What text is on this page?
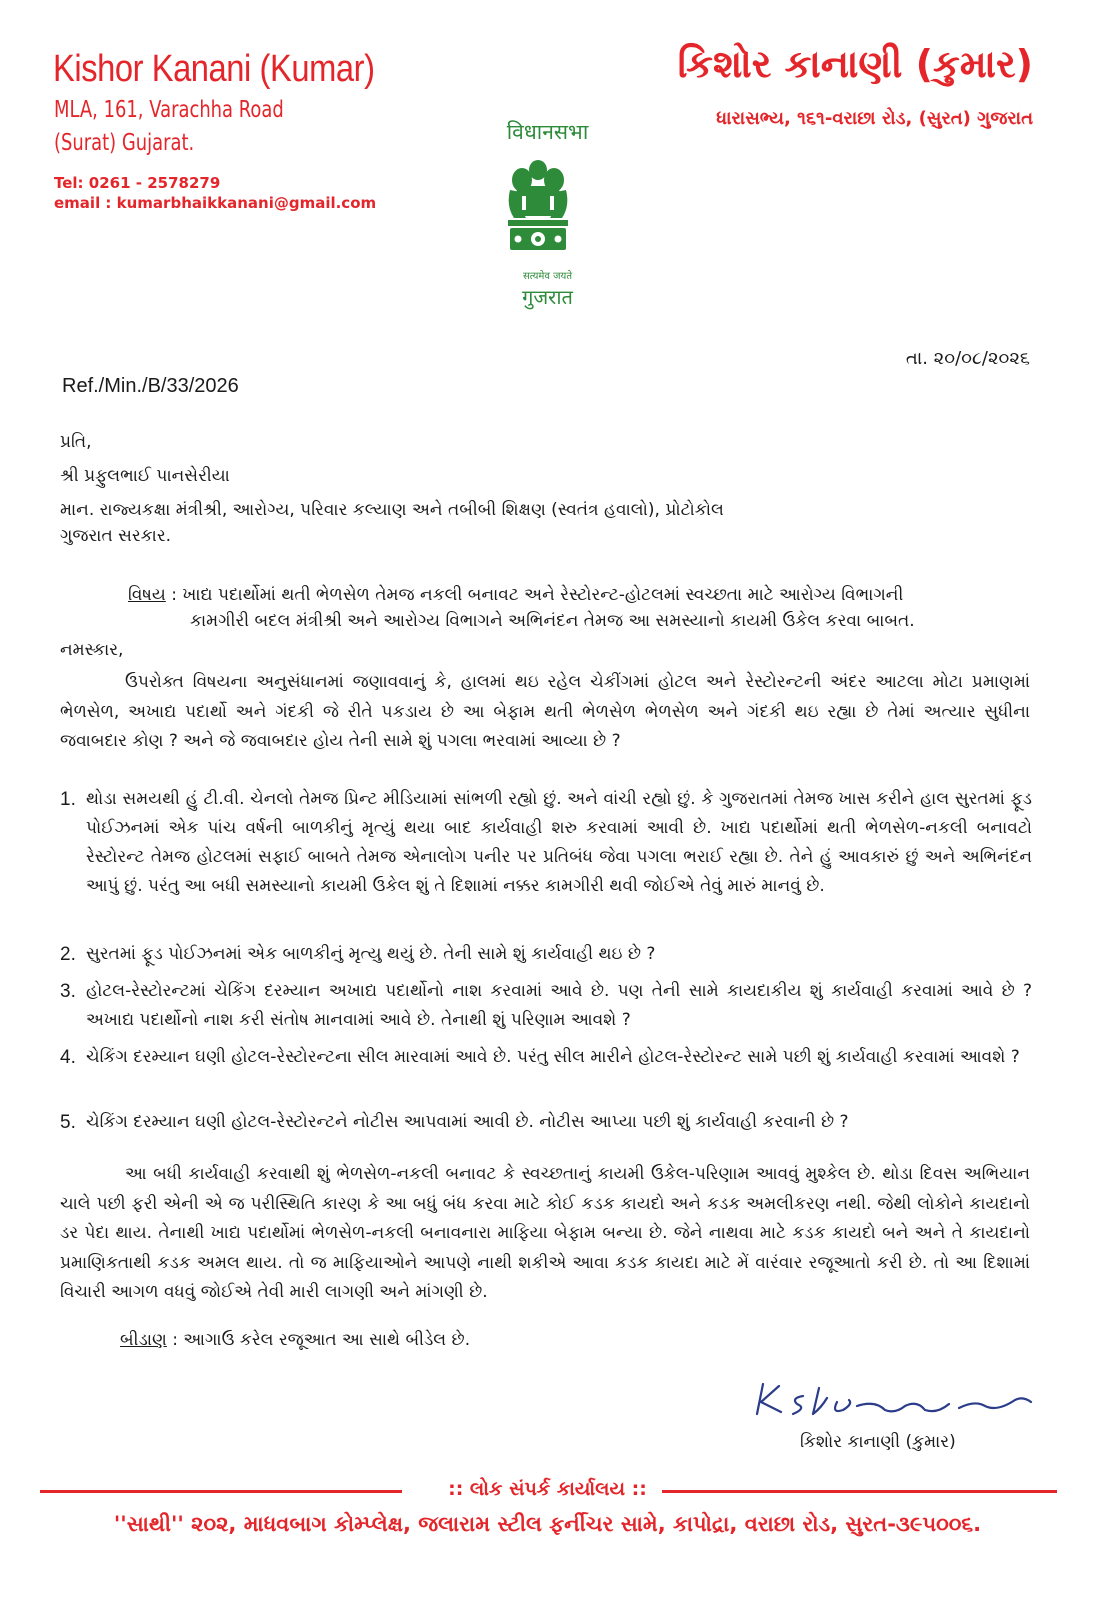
Kishor Kanani (Kumar)
MLA, 161, Varachha Road
(Surat) Gujarat.
Tel: 0261 - 2578279
email : kumarbhaikkanani@gmail.com
કિશોર કાનાણી (કુમાર)
ધારાસભ્ય, ૧૬૧-વરાછા રોડ, (સુરત) ગુજરાત
विधानसभा
सत्यमेव जयते
गुजरात
તા. ૨૦/૦૮/૨૦૨૬
Ref./Min./B/33/2026
પ્રતિ,
શ્રી પ્રફુલભાઈ પાનસેરીયા
માન. રાજ્યકક્ષા મંત્રીશ્રી, આરોગ્ય, પરિવાર કલ્યાણ અને તબીબી શિક્ષણ (સ્વતંત્ર હવાલો), પ્રોટોકોલ
ગુજરાત સરકાર.
વિષય : ખાદ્ય પદાર્થોમાં થતી ભેળસેળ તેમજ નકલી બનાવટ અને રેસ્ટોરન્ટ-હોટલમાં સ્વચ્છતા માટે આરોગ્ય વિભાગની
કામગીરી બદલ મંત્રીશ્રી અને આરોગ્ય વિભાગને અભિનંદન તેમજ આ સમસ્યાનો કાયમી ઉકેલ કરવા બાબત.
નમસ્કાર,
ઉપરોક્ત વિષયના અનુસંધાનમાં જણાવવાનું કે, હાલમાં થઇ રહેલ ચેકીંગમાં હોટલ અને રેસ્ટોરન્ટની અંદર આટલા મોટા પ્રમાણમાં ભેળસેળ, અખાદ્ય પદાર્થો અને ગંદકી જે રીતે પકડાય છે આ બેફામ થતી ભેળસેળ ભેળસેળ અને ગંદકી થઇ રહ્યા છે તેમાં અત્યાર સુધીના જવાબદાર કોણ ? અને જે જવાબદાર હોય તેની સામે શું પગલા ભરવામાં આવ્યા છે ?
1. થોડા સમયથી હું ટી.વી. ચેનલો તેમજ પ્રિન્ટ મીડિયામાં સાંભળી રહ્યો છું. અને વાંચી રહ્યો છું. કે ગુજરાતમાં તેમજ ખાસ કરીને હાલ સુરતમાં ફૂડ પોઈઝનમાં એક પાંચ વર્ષની બાળકીનું મૃત્યું થયા બાદ કાર્યવાહી શરુ કરવામાં આવી છે. ખાદ્ય પદાર્થોમાં થતી ભેળસેળ-નકલી બનાવટો રેસ્ટોરન્ટ તેમજ હોટલમાં સફાઈ બાબતે તેમજ એનાલોગ પનીર પર પ્રતિબંધ જેવા પગલા ભરાઈ રહ્યા છે. તેને હું આવકારું છું અને અભિનંદન આપું છું. પરંતુ આ બધી સમસ્યાનો કાયમી ઉકેલ શું તે દિશામાં નક્કર કામગીરી થવી જોઈએ તેવું મારું માનવું છે.
2. સુરતમાં ફૂડ પોઈઝનમાં એક બાળકીનું મૃત્યુ થયું છે. તેની સામે શું કાર્યવાહી થઇ છે ?
3. હોટલ-રેસ્ટોરન્ટમાં ચેકિંગ દરમ્યાન અખાદ્ય પદાર્થોનો નાશ કરવામાં આવે છે. પણ તેની સામે કાયદાકીય શું કાર્યવાહી કરવામાં આવે છે ? અખાદ્ય પદાર્થોનો નાશ કરી સંતોષ માનવામાં આવે છે. તેનાથી શું પરિણામ આવશે ?
4. ચેકિંગ દરમ્યાન ઘણી હોટલ-રેસ્ટોરન્ટના સીલ મારવામાં આવે છે. પરંતુ સીલ મારીને હોટલ-રેસ્ટોરન્ટ સામે પછી શું કાર્યવાહી કરવામાં આવશે ?
5. ચેકિંગ દરમ્યાન ઘણી હોટલ-રેસ્ટોરન્ટને નોટીસ આપવામાં આવી છે. નોટીસ આપ્યા પછી શું કાર્યવાહી કરવાની છે ?
આ બધી કાર્યવાહી કરવાથી શું ભેળસેળ-નકલી બનાવટ કે સ્વચ્છતાનું કાયમી ઉકેલ-પરિણામ આવવું મુશ્કેલ છે. થોડા દિવસ અભિયાન ચાલે પછી ફરી એની એ જ પરીસ્થિતિ કારણ કે આ બધું બંધ કરવા માટે કોઈ કડક કાયદો અને કડક અમલીકરણ નથી. જેથી લોકોને કાયદાનો ડર પેદા થાય. તેનાથી ખાદ્ય પદાર્થોમાં ભેળસેળ-નકલી બનાવનારા માફિયા બેફામ બન્યા છે. જેને નાથવા માટે કડક કાયદો બને અને તે કાયદાનો પ્રમાણિકતાથી કડક અમલ થાય. તો જ માફિયાઓને આપણે નાથી શકીએ આવા કડક કાયદા માટે મેં વારંવાર રજૂઆતો કરી છે. તો આ દિશામાં વિચારી આગળ વધવું જોઈએ તેવી મારી લાગણી અને માંગણી છે.
બીડાણ : આગાઉ કરેલ રજૂઆત આ સાથે બીડેલ છે.
કિશોર કાનાણી (કુમાર)
:: લોક સંપર્ક કાર્યાલય ::
''સાથી'' ૨૦૨, માધવબાગ કોમ્પ્લેક્ષ, જલારામ સ્ટીલ ફર્નીચર સામે, કાપોદ્રા, વરાછા રોડ, સુરત-૩૯૫૦૦૬.
